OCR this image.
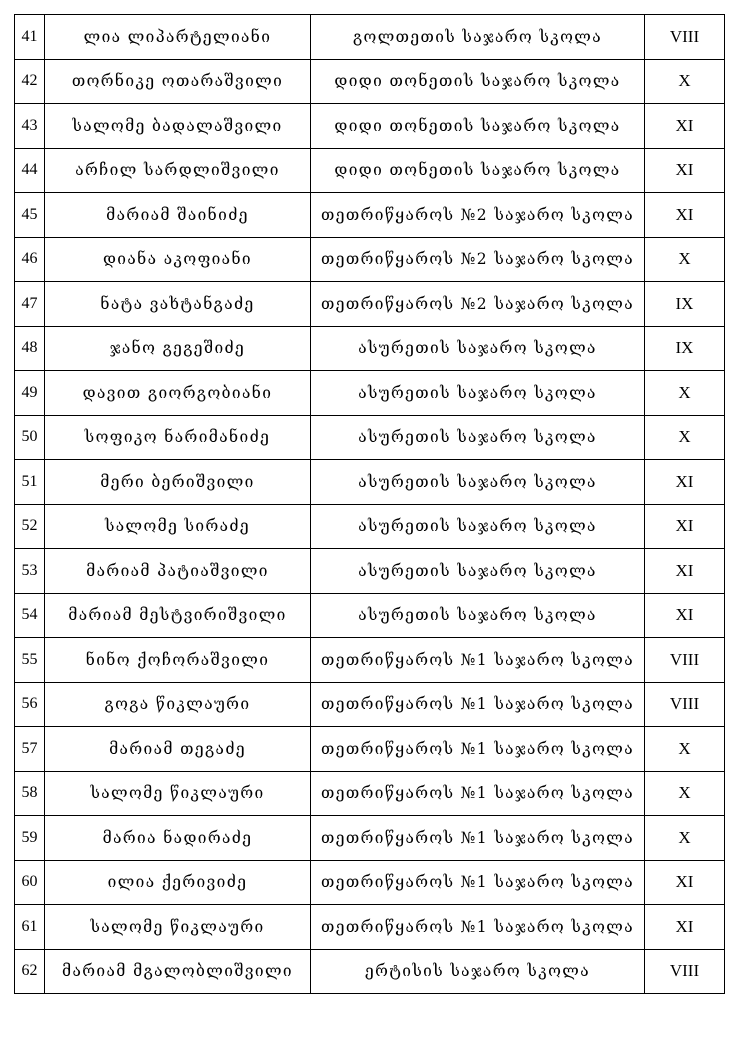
41	ლია ლიპარტელიანი	გოლთეთის საჯარო სკოლა	VIII
42	თორნიკე ოთარაშვილი	დიდი თონეთის საჯარო სკოლა	X
43	სალომე ბადალაშვილი	დიდი თონეთის საჯარო სკოლა	XI
44	არჩილ სარდლიშვილი	დიდი თონეთის საჯარო სკოლა	XI
45	მარიამ შაინიძე	თეთრიწყაროს №2 საჯარო სკოლა	XI
46	დიანა აკოფიანი	თეთრიწყაროს №2 საჯარო სკოლა	X
47	ნატა ვახტანგაძე	თეთრიწყაროს №2 საჯარო სკოლა	IX
48	ჯანო გეგეშიძე	ასურეთის საჯარო სკოლა	IX
49	დავით გიორგობიანი	ასურეთის საჯარო სკოლა	X
50	სოფიკო ნარიმანიძე	ასურეთის საჯარო სკოლა	X
51	მერი ბერიშვილი	ასურეთის საჯარო სკოლა	XI
52	სალომე სირაძე	ასურეთის საჯარო სკოლა	XI
53	მარიამ პატიაშვილი	ასურეთის საჯარო სკოლა	XI
54	მარიამ მესტვირიშვილი	ასურეთის საჯარო სკოლა	XI
55	ნინო ქოჩორაშვილი	თეთრიწყაროს №1 საჯარო სკოლა	VIII
56	გოგა წიკლაური	თეთრიწყაროს №1 საჯარო სკოლა	VIII
57	მარიამ თეგაძე	თეთრიწყაროს №1 საჯარო სკოლა	X
58	სალომე წიკლაური	თეთრიწყაროს №1 საჯარო სკოლა	X
59	მარია ნადირაძე	თეთრიწყაროს №1 საჯარო სკოლა	X
60	ილია ქერივიძე	თეთრიწყაროს №1 საჯარო სკოლა	XI
61	სალომე წიკლაური	თეთრიწყაროს №1 საჯარო სკოლა	XI
62	მარიამ მგალობლიშვილი	ერტისის საჯარო სკოლა	VIII
